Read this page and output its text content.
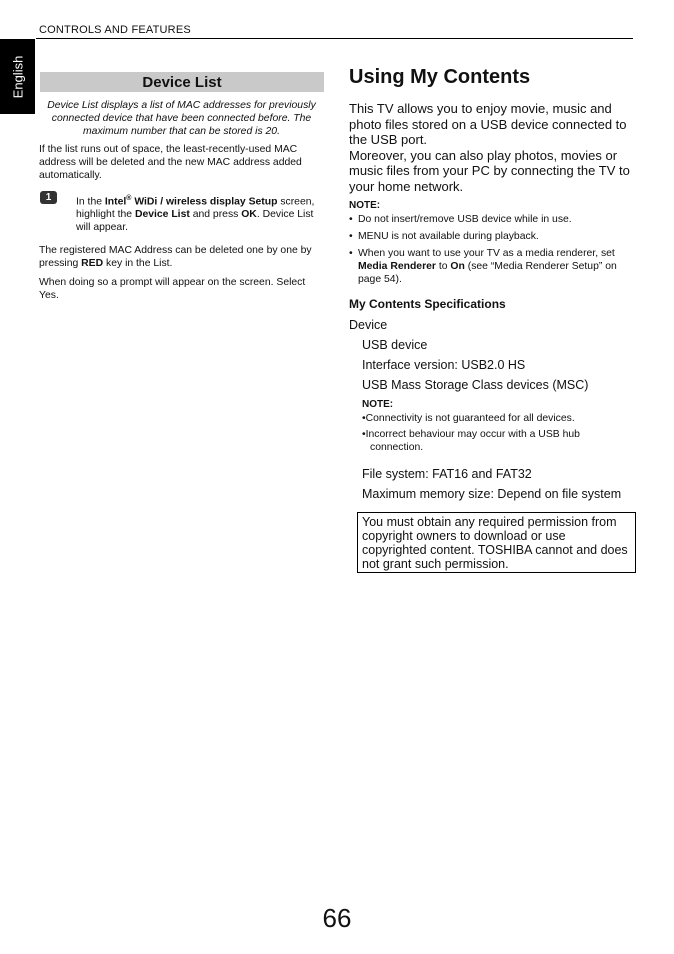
CONTROLS AND FEATURES
English	Device List
Device List displays a list of MAC addresses for previously connected device that have been connected before. The maximum number that can be stored is 20.
If the list runs out of space, the least-recently-used MAC address will be deleted and the new MAC address added automatically.
1	In the Intel® WiDi / wireless display Setup screen, highlight the Device List and press OK. Device List will appear.
The registered MAC Address can be deleted one by one by pressing RED key in the List.
When doing so a prompt will appear on the screen. Select Yes.
Using My Contents
This TV allows you to enjoy movie, music and photo files stored on a USB device connected to the USB port.
Moreover, you can also play photos, movies or music files from your PC by connecting the TV to your home network.
NOTE:
• Do not insert/remove USB device while in use.
• MENU is not available during playback.
• When you want to use your TV as a media renderer, set Media Renderer to On (see “Media Renderer Setup” on page 54).
My Contents Specifications
Device
USB device
Interface version: USB2.0 HS
USB Mass Storage Class devices (MSC)
NOTE:
•Connectivity is not guaranteed for all devices.
•Incorrect behaviour may occur with a USB hub connection.
File system: FAT16 and FAT32
Maximum memory size: Depend on file system
You must obtain any required permission from copyright owners to download or use copyrighted content. TOSHIBA cannot and does not grant such permission.
66
